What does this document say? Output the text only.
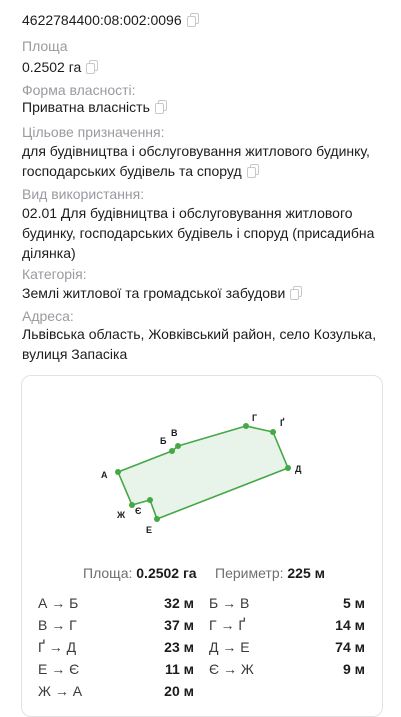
4622784400:08:002:0096
Площа
0.2502 га
Форма власності:
Приватна власність
Цільове призначення:
для будівництва і обслуговування житлового будинку,
господарських будівель та споруд
Вид використання:
02.01 Для будівництва і обслуговування житлового
будинку, господарських будівель і споруд (присадибна
ділянка)
Категорія:
Землі житлової та громадської забудови
Адреса:
Львівська область, Жовківський район, село Козулька,
вулиця Запасіка
А
Б
В
Г	Ґ
Д
Е
Є
Ж
Площа: 0.2502 га Периметр: 225 м
А → Б	32 м Б → В	5 м
В → Г	37 м Г → Ґ	14 м
Ґ → Д	23 м Д → Е	74 м
Е → Є	11 м Є → Ж	9 м
Ж → А	20 м
